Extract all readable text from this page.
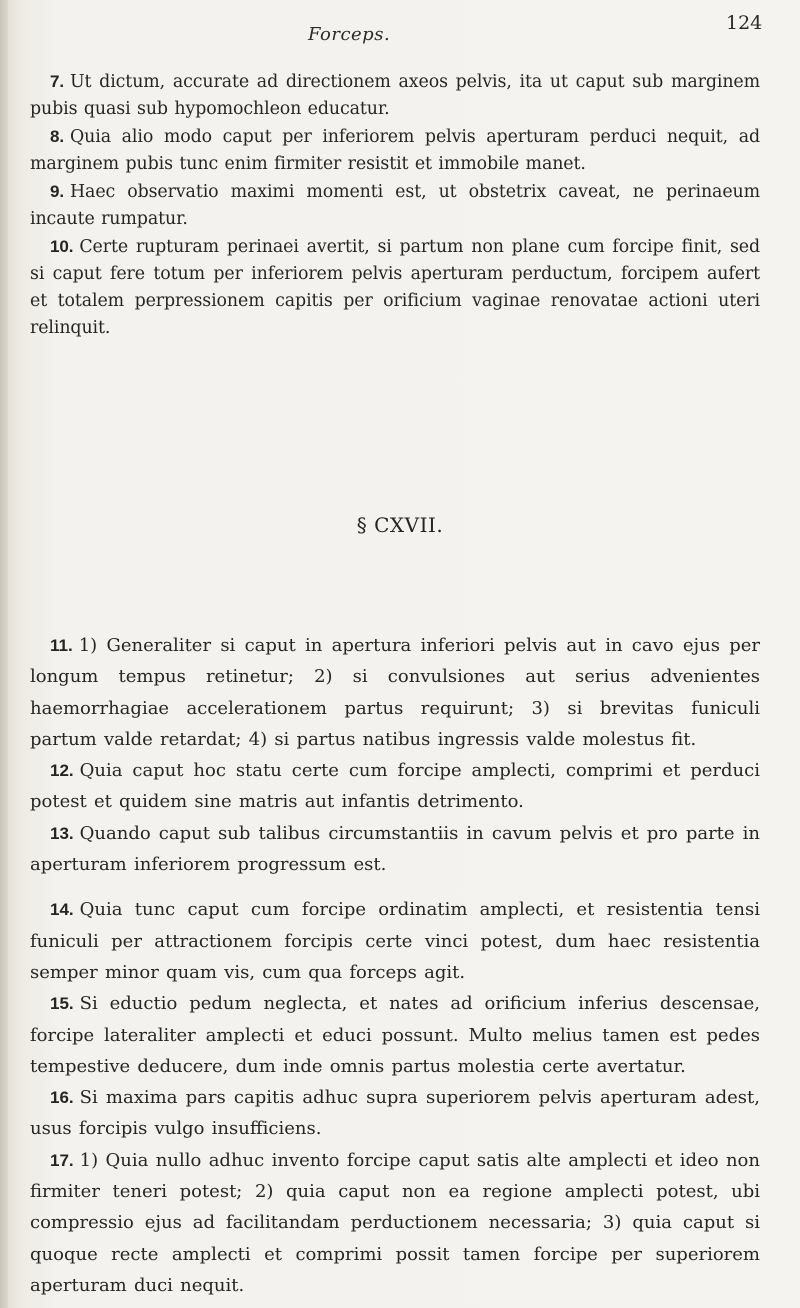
Forceps.
124

7. Ut dictum, accurate ad directionem axeos pelvis, ita ut caput sub marginem pubis quasi sub hypomochleon educatur.

8. Quia alio modo caput per inferiorem pelvis aperturam perduci nequit, ad marginem pubis tunc enim firmiter resistit et immobile manet.

9. Haec observatio maximi momenti est, ut obstetrix caveat, ne perinaeum incaute rumpatur.

10. Certe rupturam perinaei avertit, si partum non plane cum forcipe finit, sed si caput fere totum per inferiorem pelvis aperturam perductum, forcipem aufert et totalem perpressionem capitis per orificium vaginae renovatae actioni uteri relinquit.

§ CXVII.

11. 1) Generaliter si caput in apertura inferiori pelvis aut in cavo ejus per longum tempus retinetur; 2) si convulsiones aut serius advenientes haemorrhagiae accelerationem partus requirunt; 3) si brevitas funiculi partum valde retardat; 4) si partus natibus ingressis valde molestus fit.

12. Quia caput hoc statu certe cum forcipe amplecti, comprimi et perduci potest et quidem sine matris aut infantis detrimento.

13. Quando caput sub talibus circumstantiis in cavum pelvis et pro parte in aperturam inferiorem progressum est.

14. Quia tunc caput cum forcipe ordinatim amplecti, et resistentia tensi funiculi per attractionem forcipis certe vinci potest, dum haec resistentia semper minor quam vis, cum qua forceps agit.

15. Si eductio pedum neglecta, et nates ad orificium inferius descensae, forcipe lateraliter amplecti et educi possunt. Multo melius tamen est pedes tempestive deducere, dum inde omnis partus molestia certe avertatur.

16. Si maxima pars capitis adhuc supra superiorem pelvis aperturam adest, usus forcipis vulgo insufficiens.

17. 1) Quia nullo adhuc invento forcipe caput satis alte amplecti et ideo non firmiter teneri potest; 2) quia caput non ea regione amplecti potest, ubi compressio ejus ad facilitandam perductionem necessaria; 3) quia caput si quoque recte amplecti et comprimi possit tamen forcipe per superiorem aperturam duci nequit.
